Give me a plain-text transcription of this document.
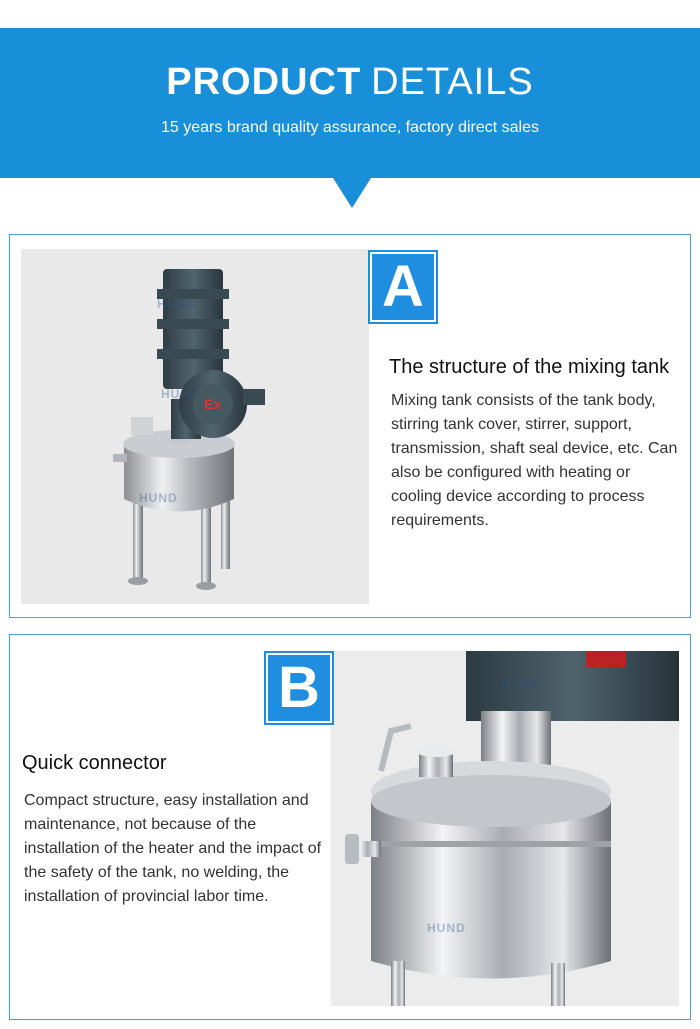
PRODUCT DETAILS
15 years brand quality assurance, factory direct sales
Ex
HUND
HUND
HUND
A
The structure of the mixing tank
Mixing tank consists of the tank body, stirring tank cover, stirrer, support, transmission, shaft seal device, etc. Can also be configured with heating or cooling device according to process requirements.
HUND
HUND
B
Quick connector
Compact structure, easy installation and maintenance, not because of the installation of the heater and the impact of the safety of the tank, no welding, the installation of provincial labor time.
